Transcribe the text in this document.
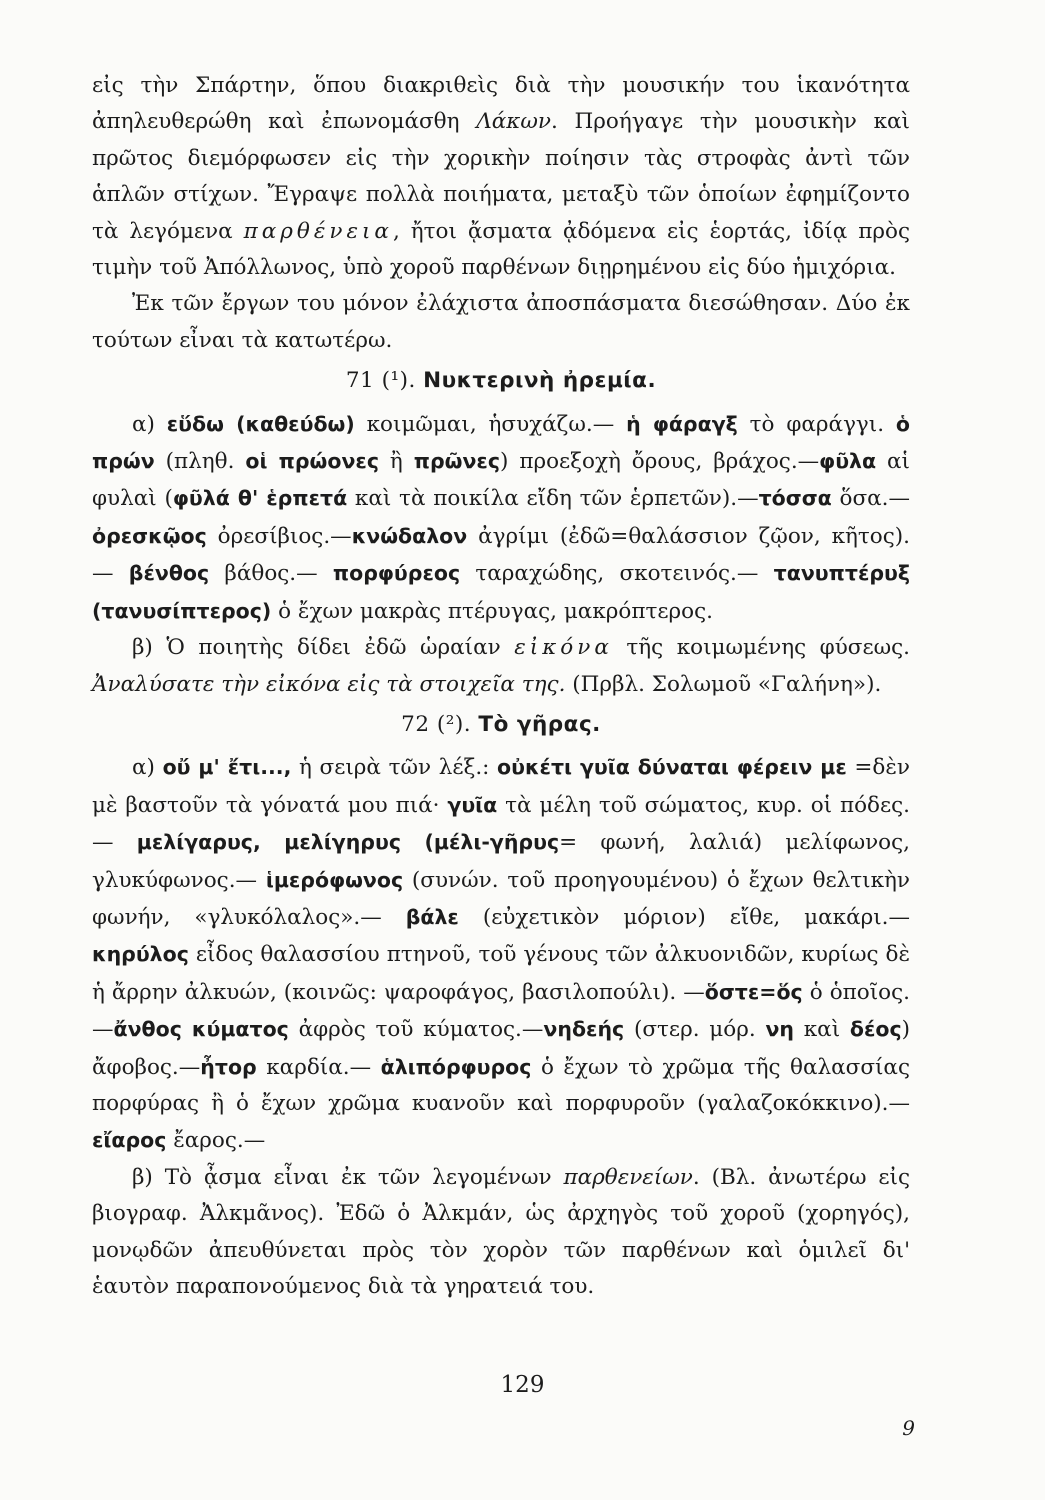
εἰς τὴν Σπάρτην, ὅπου διακριθεὶς διὰ τὴν μουσικήν του ἱκανότητα ἀπηλευθερώθη καὶ ἐπωνομάσθη Λάκων. Προήγαγε τὴν μουσικὴν καὶ πρῶτος διεμόρφωσεν εἰς τὴν χορικὴν ποίησιν τὰς στροφὰς ἀντὶ τῶν ἁπλῶν στίχων. Ἔγραψε πολλὰ ποιήματα, μεταξὺ τῶν ὁποίων ἐφημίζοντο τὰ λεγόμενα παρθένεια, ἤτοι ᾄσματα ᾀδόμενα εἰς ἑορτάς, ἰδίᾳ πρὸς τιμὴν τοῦ Ἀπόλλωνος, ὑπὸ χοροῦ παρθένων διῃρημένου εἰς δύο ἡμιχόρια.

Ἐκ τῶν ἔργων του μόνον ἐλάχιστα ἀποσπάσματα διεσώθησαν. Δύο ἐκ τούτων εἶναι τὰ κατωτέρω.

71 (¹). Νυκτερινὴ ἠρεμία.

α) εὕδω (καθεύδω) κοιμῶμαι, ἡσυχάζω.— ἡ φάραγξ τὸ φαράγγι. ὁ πρών (πληθ. οἱ πρώονες ἢ πρῶνες) προεξοχὴ ὄρους, βράχος.—φῦλα αἱ φυλαὶ (φῦλά θ' ἑρπετά καὶ τὰ ποικίλα εἴδη τῶν ἑρπετῶν).—τόσσα ὅσα.—ὀρεσκῷος ὀρεσίβιος.—κνώδαλον ἀγρίμι (ἐδῶ=θαλάσσιον ζῷον, κῆτος).— βένθος βάθος.— πορφύρεος ταραχώδης, σκοτεινός.— τανυπτέρυξ (τανυσίπτερος) ὁ ἔχων μακρὰς πτέρυγας, μακρόπτερος.

β) Ὁ ποιητὴς δίδει ἐδῶ ὡραίαν εἰκόνα τῆς κοιμωμένης φύσεως. Ἀναλύσατε τὴν εἰκόνα εἰς τὰ στοιχεῖα της. (Πρβλ. Σολωμοῦ «Γαλήνη»).

72 (²). Τὸ γῆρας.

α) οὔ μ' ἔτι..., ἡ σειρὰ τῶν λέξ.: οὐκέτι γυῖα δύναται φέρειν με =δὲν μὲ βαστοῦν τὰ γόνατά μου πιά· γυῖα τὰ μέλη τοῦ σώματος, κυρ. οἱ πόδες.— μελίγαρυς, μελίγηρυς (μέλι-γῆρυς= φωνή, λαλιά) μελίφωνος, γλυκύφωνος.— ἱμερόφωνος (συνών. τοῦ προηγουμένου) ὁ ἔχων θελτικὴν φωνήν, «γλυκόλαλος».— βάλε (εὐχετικὸν μόριον) εἴθε, μακάρι.— κηρύλος εἶδος θαλασσίου πτηνοῦ, τοῦ γένους τῶν ἀλκυονιδῶν, κυρίως δὲ ἡ ἄρρην ἀλκυών, (κοινῶς: ψαροφάγος, βασιλοπούλι). —ὅστε=ὅς ὁ ὁποῖος.—ἄνθος κύματος ἀφρὸς τοῦ κύματος.—νηδεής (στερ. μόρ. νη καὶ δέος) ἄφοβος.—ἦτορ καρδία.— ἁλιπόρφυρος ὁ ἔχων τὸ χρῶμα τῆς θαλασσίας πορφύρας ἢ ὁ ἔχων χρῶμα κυανοῦν καὶ πορφυροῦν (γαλαζοκόκκινο).— εἴαρος ἔαρος.—

β) Τὸ ᾆσμα εἶναι ἐκ τῶν λεγομένων παρθενείων. (Βλ. ἀνωτέρω εἰς βιογραφ. Ἀλκμᾶνος). Ἐδῶ ὁ Ἀλκμάν, ὡς ἀρχηγὸς τοῦ χοροῦ (χορηγός), μονῳδῶν ἀπευθύνεται πρὸς τὸν χορὸν τῶν παρθένων καὶ ὁμιλεῖ δι' ἑαυτὸν παραπονούμενος διὰ τὰ γηρατειά του.

129
9
